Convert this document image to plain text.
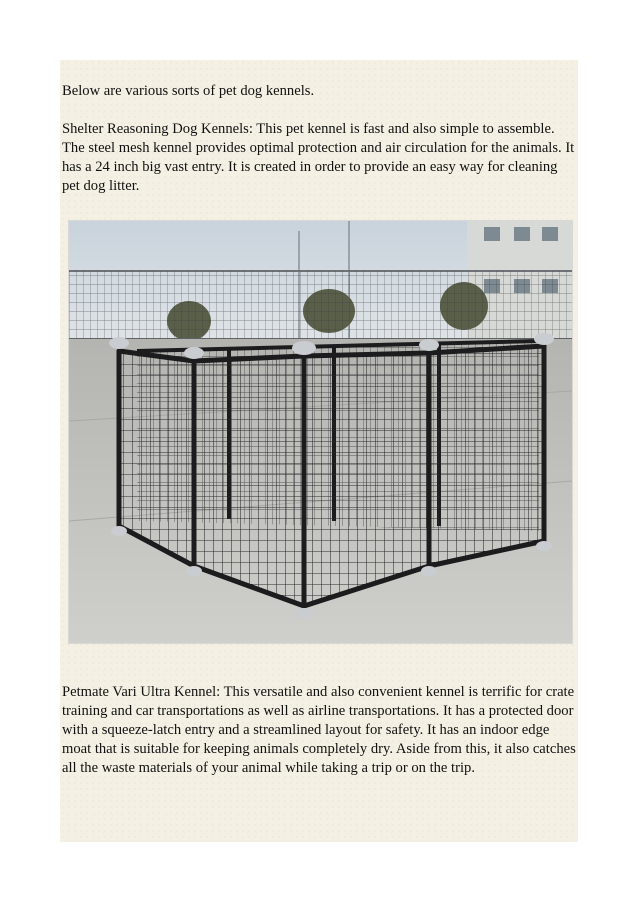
Below are various sorts of pet dog kennels.

Shelter Reasoning Dog Kennels: This pet kennel is fast and also simple to assemble. The steel mesh kennel provides optimal protection and air circulation for the animals. It has a 24 inch big vast entry. It is created in order to provide an easy way for cleaning pet dog litter.

Petmate Vari Ultra Kennel: This versatile and also convenient kennel is terrific for crate training and car transportations as well as airline transportations. It has a protected door with a squeeze-latch entry and a streamlined layout for safety. It has an indoor edge moat that is suitable for keeping animals completely dry. Aside from this, it also catches all the waste materials of your animal while taking a trip or on the trip.
